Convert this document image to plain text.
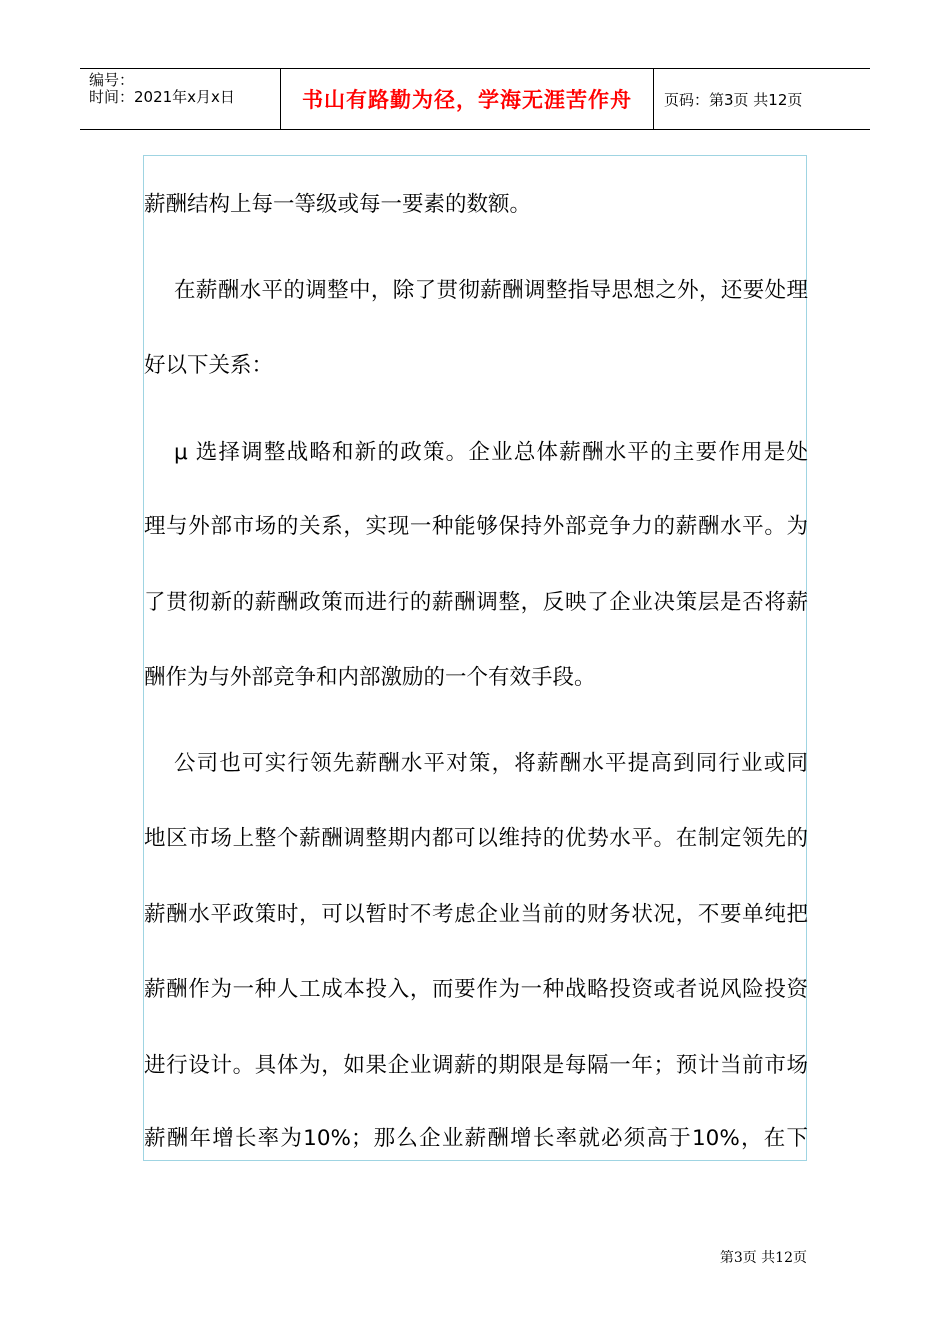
编号：
时间：2021年x月x日	书山有路勤为径，学海无涯苦作舟 页码：第3页 共12页
薪酬结构上每一等级或每一要素的数额。
在薪酬水平的调整中，除了贯彻薪酬调整指导思想之外，还要处理
好以下关系：
μ 选择调整战略和新的政策。企业总体薪酬水平的主要作用是处
理与外部市场的关系，实现一种能够保持外部竞争力的薪酬水平。为
了贯彻新的薪酬政策而进行的薪酬调整，反映了企业决策层是否将薪
酬作为与外部竞争和内部激励的一个有效手段。
公司也可实行领先薪酬水平对策，将薪酬水平提高到同行业或同
地区市场上整个薪酬调整期内都可以维持的优势水平。在制定领先的
薪酬水平政策时，可以暂时不考虑企业当前的财务状况，不要单纯把
薪酬作为一种人工成本投入，而要作为一种战略投资或者说风险投资
进行设计。具体为，如果企业调薪的期限是每隔一年；预计当前市场
薪酬年增长率为10%；那么企业薪酬增长率就必须高于10%，在下
第3页 共12页
